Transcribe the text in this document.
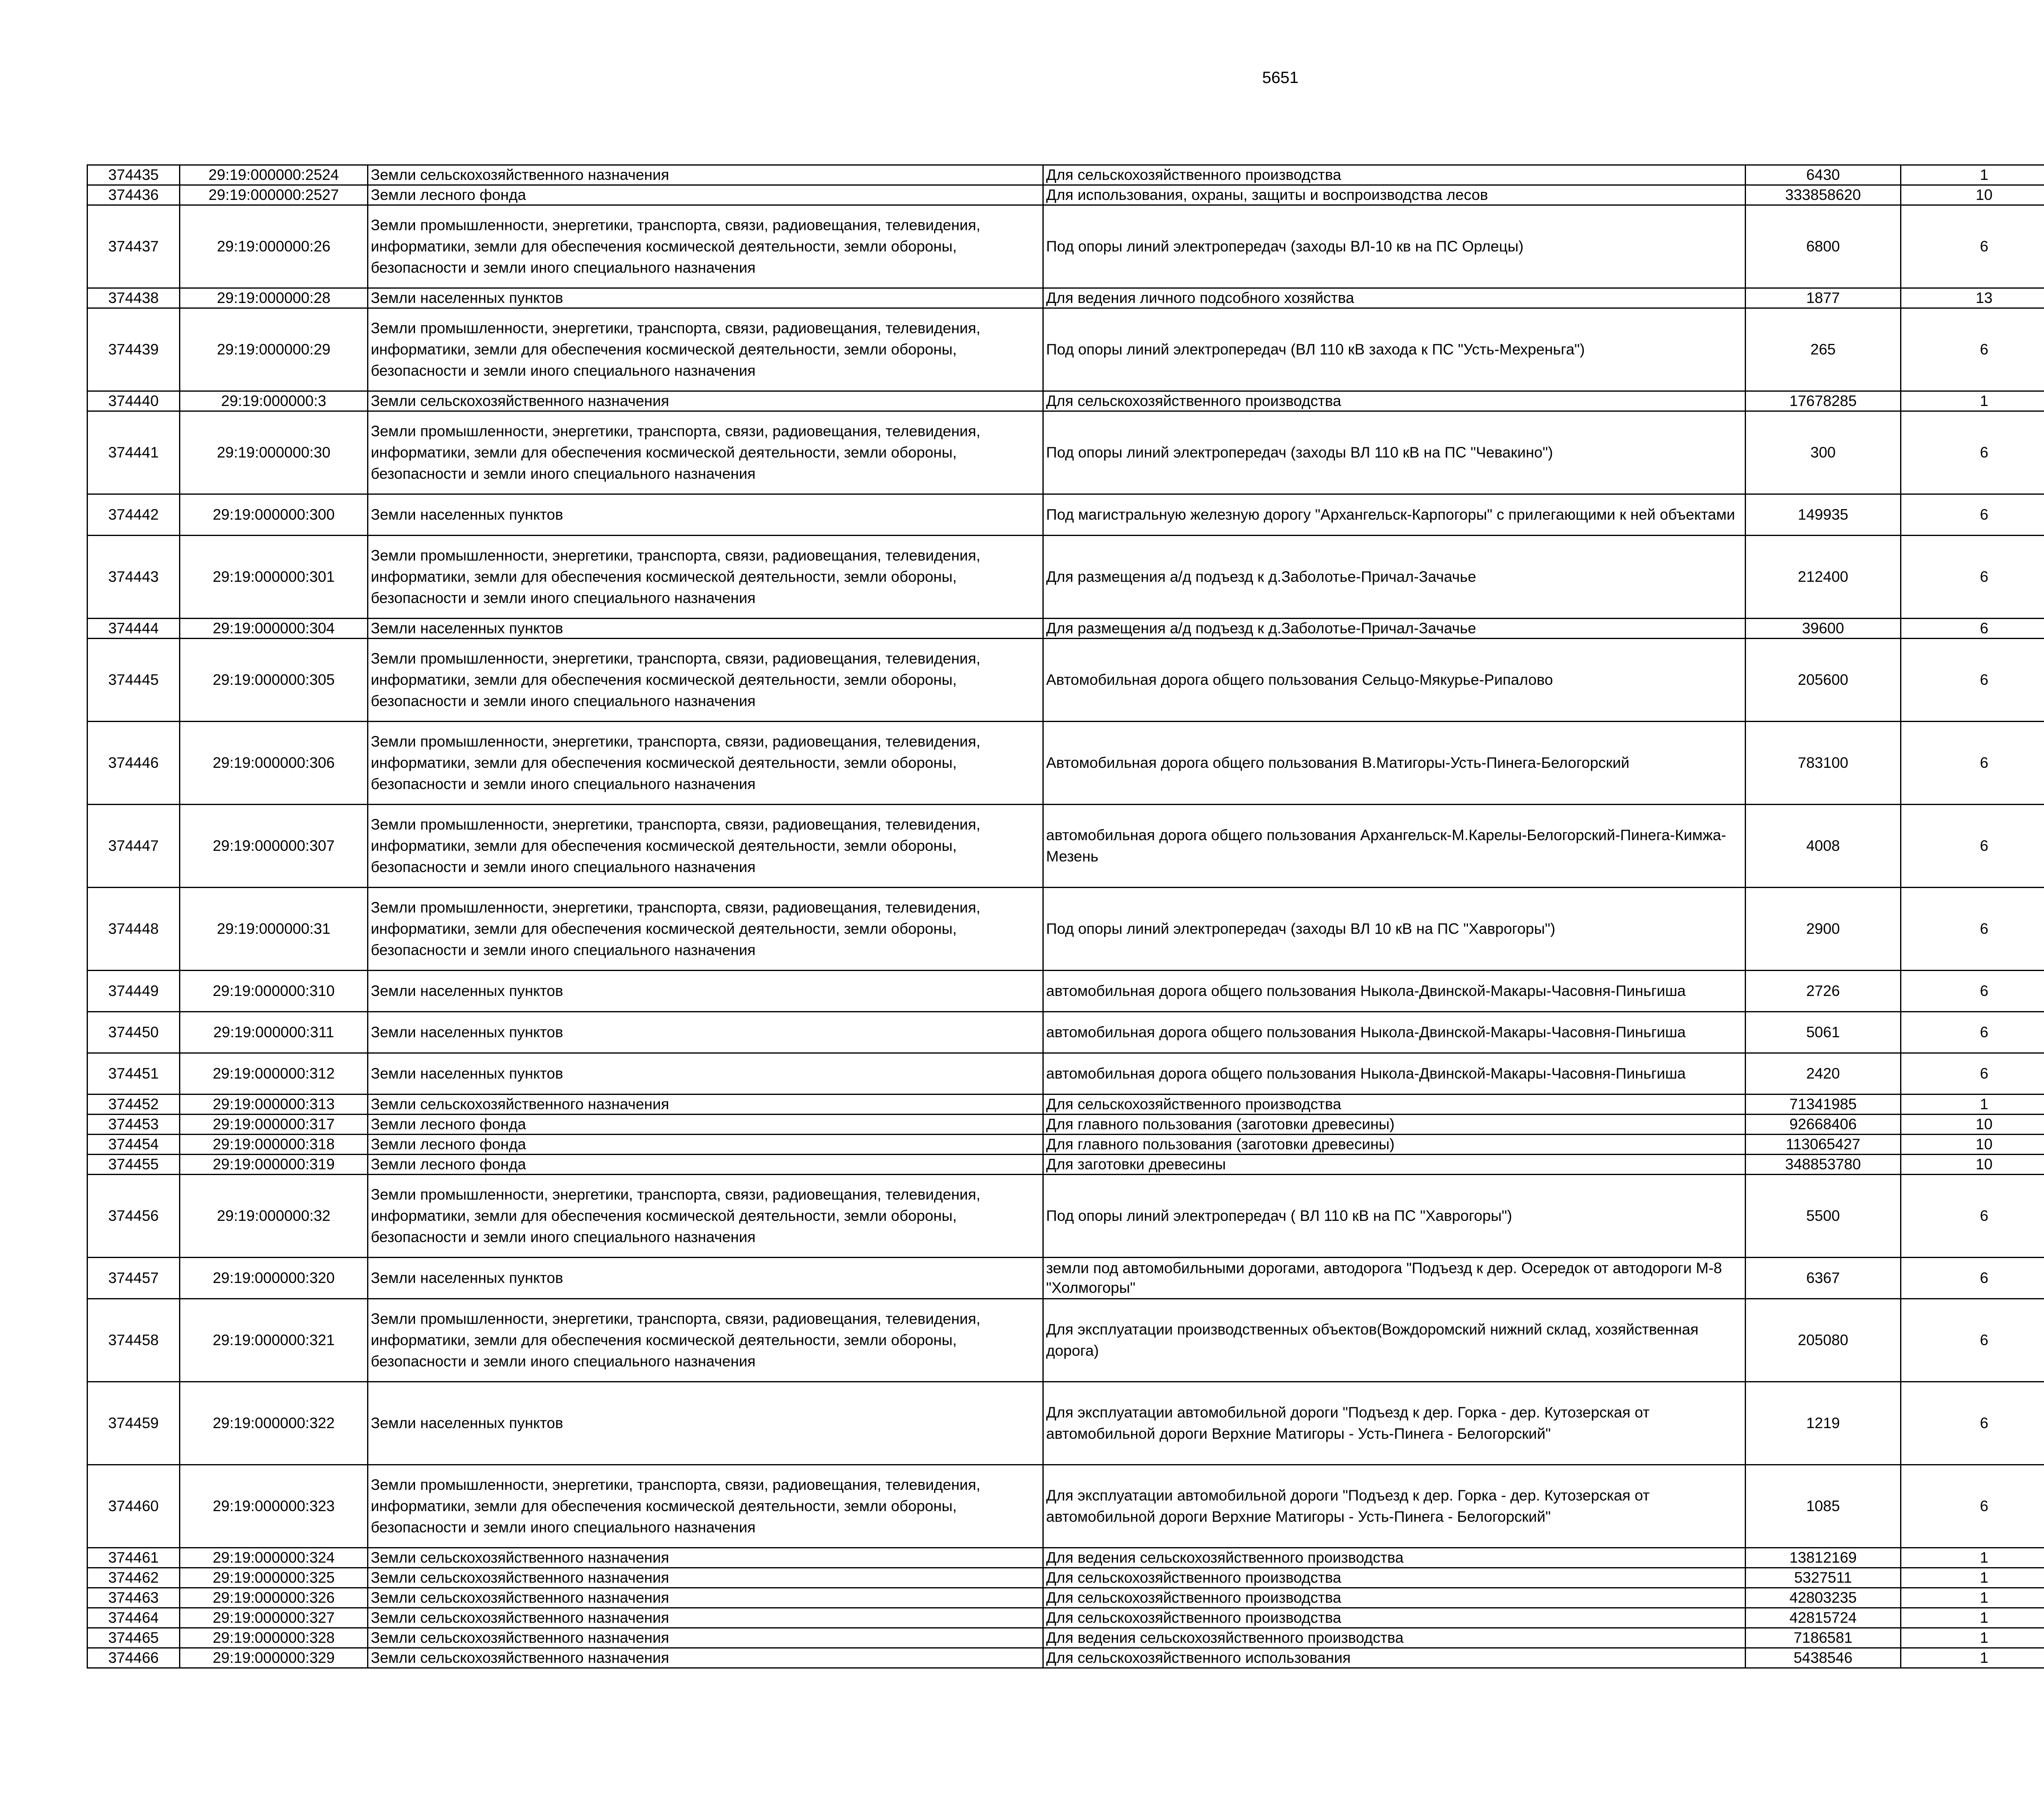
5651
374435	29:19:000000:2524	Земли сельскохозяйственного назначения	Для сельскохозяйственного производства	6430	1		
374436	29:19:000000:2527	Земли лесного фонда	Для использования, охраны, защиты и воспроизводства лесов	333858620	10		
374437	29:19:000000:26	Земли промышленности, энергетики, транспорта, связи, радиовещания, телевидения, информатики, земли для обеспечения космической деятельности, земли обороны, безопасности и земли иного специального назначения	Под опоры линий электропередач (заходы ВЛ-10 кв на ПС Орлецы)	6800	6		
374438	29:19:000000:28	Земли населенных пунктов	Для ведения личного подсобного хозяйства	1877	13		
374439	29:19:000000:29	Земли промышленности, энергетики, транспорта, связи, радиовещания, телевидения, информатики, земли для обеспечения космической деятельности, земли обороны, безопасности и земли иного специального назначения	Под опоры линий электропередач (ВЛ 110 кВ захода к ПС "Усть-Мехреньга")	265	6		
374440	29:19:000000:3	Земли сельскохозяйственного назначения	Для сельскохозяйственного производства	17678285	1		
374441	29:19:000000:30	Земли промышленности, энергетики, транспорта, связи, радиовещания, телевидения, информатики, земли для обеспечения космической деятельности, земли обороны, безопасности и земли иного специального назначения	Под опоры линий электропередач (заходы ВЛ 110 кВ на ПС "Чевакино")	300	6		
374442	29:19:000000:300	Земли населенных пунктов	Под магистральную железную дорогу "Архангельск-Карпогоры" с прилегающими к ней объектами	149935	6		
374443	29:19:000000:301	Земли промышленности, энергетики, транспорта, связи, радиовещания, телевидения, информатики, земли для обеспечения космической деятельности, земли обороны, безопасности и земли иного специального назначения	Для размещения а/д подъезд к д.Заболотье-Причал-Зачачье	212400	6		
374444	29:19:000000:304	Земли населенных пунктов	Для размещения а/д подъезд к д.Заболотье-Причал-Зачачье	39600	6		
374445	29:19:000000:305	Земли промышленности, энергетики, транспорта, связи, радиовещания, телевидения, информатики, земли для обеспечения космической деятельности, земли обороны, безопасности и земли иного специального назначения	Автомобильная дорога общего пользования Сельцо-Мякурье-Рипалово	205600	6		
374446	29:19:000000:306	Земли промышленности, энергетики, транспорта, связи, радиовещания, телевидения, информатики, земли для обеспечения космической деятельности, земли обороны, безопасности и земли иного специального назначения	Автомобильная дорога общего пользования В.Матигоры-Усть-Пинега-Белогорский	783100	6		
374447	29:19:000000:307	Земли промышленности, энергетики, транспорта, связи, радиовещания, телевидения, информатики, земли для обеспечения космической деятельности, земли обороны, безопасности и земли иного специального назначения	автомобильная дорога общего пользования Архангельск-М.Карелы-Белогорский-Пинега-Кимжа-Мезень	4008	6		
374448	29:19:000000:31	Земли промышленности, энергетики, транспорта, связи, радиовещания, телевидения, информатики, земли для обеспечения космической деятельности, земли обороны, безопасности и земли иного специального назначения	Под опоры линий электропередач (заходы ВЛ 10 кВ на ПС "Хаврогоры")	2900	6		
374449	29:19:000000:310	Земли населенных пунктов	автомобильная дорога общего пользования Ныкола-Двинской-Макары-Часовня-Пиньгиша	2726	6		
374450	29:19:000000:311	Земли населенных пунктов	автомобильная дорога общего пользования Ныкола-Двинской-Макары-Часовня-Пиньгиша	5061	6		
374451	29:19:000000:312	Земли населенных пунктов	автомобильная дорога общего пользования Ныкола-Двинской-Макары-Часовня-Пиньгиша	2420	6		
374452	29:19:000000:313	Земли сельскохозяйственного назначения	Для сельскохозяйственного производства	71341985	1		
374453	29:19:000000:317	Земли лесного фонда	Для главного пользования (заготовки древесины)	92668406	10		
374454	29:19:000000:318	Земли лесного фонда	Для главного пользования (заготовки древесины)	113065427	10		
374455	29:19:000000:319	Земли лесного фонда	Для заготовки древесины	348853780	10		
374456	29:19:000000:32	Земли промышленности, энергетики, транспорта, связи, радиовещания, телевидения, информатики, земли для обеспечения космической деятельности, земли обороны, безопасности и земли иного специального назначения	Под опоры линий электропередач ( ВЛ 110 кВ на ПС "Хаврогоры")	5500	6		
374457	29:19:000000:320	Земли населенных пунктов	земли под автомобильными дорогами, автодорога "Подъезд к дер. Осередок от автодороги М-8 "Холмогоры"	6367	6		
374458	29:19:000000:321	Земли промышленности, энергетики, транспорта, связи, радиовещания, телевидения, информатики, земли для обеспечения космической деятельности, земли обороны, безопасности и земли иного специального назначения	Для эксплуатации производственных объектов(Вождоромский нижний склад, хозяйственная дорога)	205080	6		
374459	29:19:000000:322	Земли населенных пунктов	Для эксплуатации автомобильной дороги "Подъезд к дер. Горка - дер. Кутозерская от автомобильной дороги Верхние Матигоры - Усть-Пинега - Белогорский"	1219	6		
374460	29:19:000000:323	Земли промышленности, энергетики, транспорта, связи, радиовещания, телевидения, информатики, земли для обеспечения космической деятельности, земли обороны, безопасности и земли иного специального назначения	Для эксплуатации автомобильной дороги "Подъезд к дер. Горка - дер. Кутозерская от автомобильной дороги Верхние Матигоры - Усть-Пинега - Белогорский"	1085	6		
374461	29:19:000000:324	Земли сельскохозяйственного назначения	Для ведения сельскохозяйственного производства	13812169	1		
374462	29:19:000000:325	Земли сельскохозяйственного назначения	Для сельскохозяйственного производства	5327511	1		
374463	29:19:000000:326	Земли сельскохозяйственного назначения	Для сельскохозяйственного производства	42803235	1		
374464	29:19:000000:327	Земли сельскохозяйственного назначения	Для сельскохозяйственного производства	42815724	1		
374465	29:19:000000:328	Земли сельскохозяйственного назначения	Для ведения сельскохозяйственного производства	7186581	1		
374466	29:19:000000:329	Земли сельскохозяйственного назначения	Для сельскохозяйственного использования	5438546	1		
